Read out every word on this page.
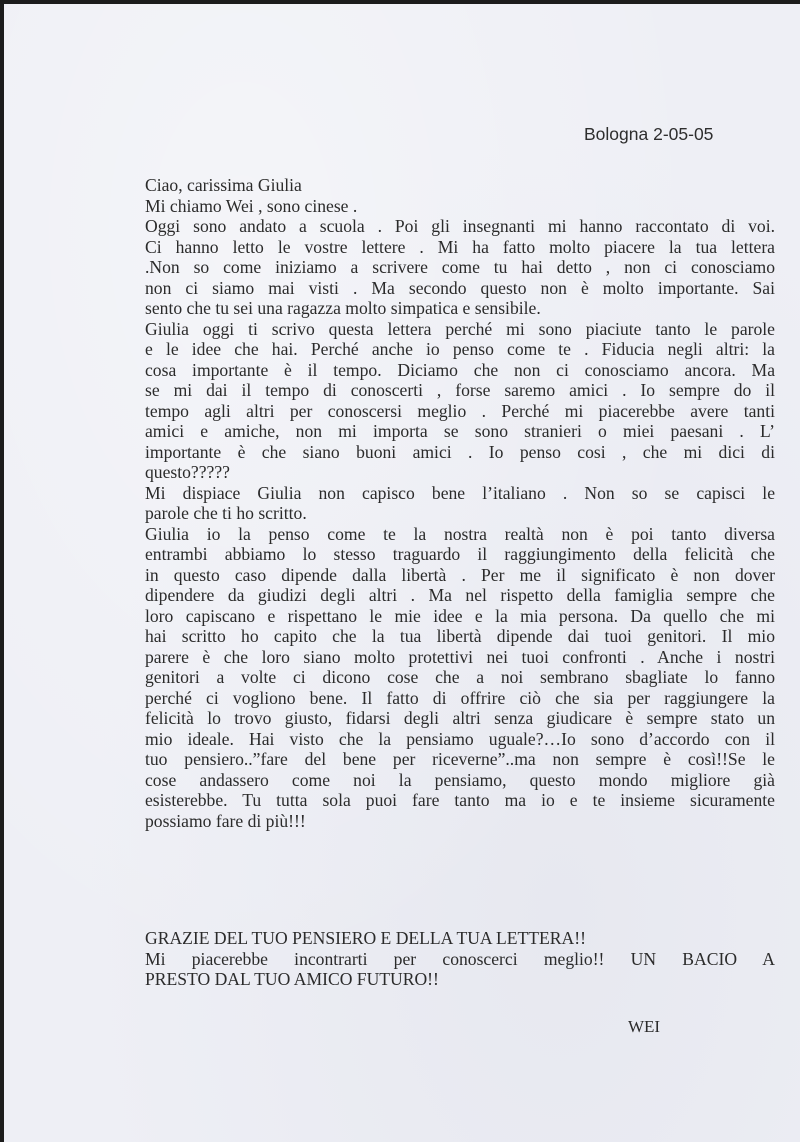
Bologna 2-05-05
Ciao, carissima Giulia
Mi chiamo Wei , sono cinese .
Oggi sono andato a scuola . Poi gli insegnanti mi hanno raccontato di voi.
Ci hanno letto le vostre lettere . Mi ha fatto molto piacere la tua lettera
.Non so come iniziamo a scrivere come tu hai detto , non ci conosciamo
non ci siamo mai visti . Ma secondo questo non è molto importante. Sai
sento che tu sei una ragazza molto simpatica e sensibile.
Giulia oggi ti scrivo questa lettera perché mi sono piaciute tanto le parole
e le idee che hai. Perché anche io penso come te . Fiducia negli altri: la
cosa importante è il tempo. Diciamo che non ci conosciamo ancora. Ma
se mi dai il tempo di conoscerti , forse saremo amici . Io sempre do il
tempo agli altri per conoscersi meglio . Perché mi piacerebbe avere tanti
amici e amiche, non mi importa se sono stranieri o miei paesani . L’
importante è che siano buoni amici . Io penso cosi , che mi dici di
questo?????
Mi dispiace Giulia non capisco bene l’italiano . Non so se capisci le
parole che ti ho scritto.
Giulia io la penso come te la nostra realtà non è poi tanto diversa
entrambi abbiamo lo stesso traguardo il raggiungimento della felicità che
in questo caso dipende dalla libertà . Per me il significato è non dover
dipendere da giudizi degli altri . Ma nel rispetto della famiglia sempre che
loro capiscano e rispettano le mie idee e la mia persona. Da quello che mi
hai scritto ho capito che la tua libertà dipende dai tuoi genitori. Il mio
parere è che loro siano molto protettivi nei tuoi confronti . Anche i nostri
genitori a volte ci dicono cose che a noi sembrano sbagliate lo fanno
perché ci vogliono bene. Il fatto di offrire ciò che sia per raggiungere la
felicità lo trovo giusto, fidarsi degli altri senza giudicare è sempre stato un
mio ideale. Hai visto che la pensiamo uguale?…Io sono d’accordo con il
tuo pensiero..”fare del bene per riceverne”..ma non sempre è così!!Se le
cose andassero come noi la pensiamo, questo mondo migliore già
esisterebbe. Tu tutta sola puoi fare tanto ma io e te insieme sicuramente
possiamo fare di più!!!
GRAZIE DEL TUO PENSIERO E DELLA TUA LETTERA!!
Mi piacerebbe incontrarti per conoscerci meglio!! UN BACIO A
PRESTO DAL TUO AMICO FUTURO!!
WEI
